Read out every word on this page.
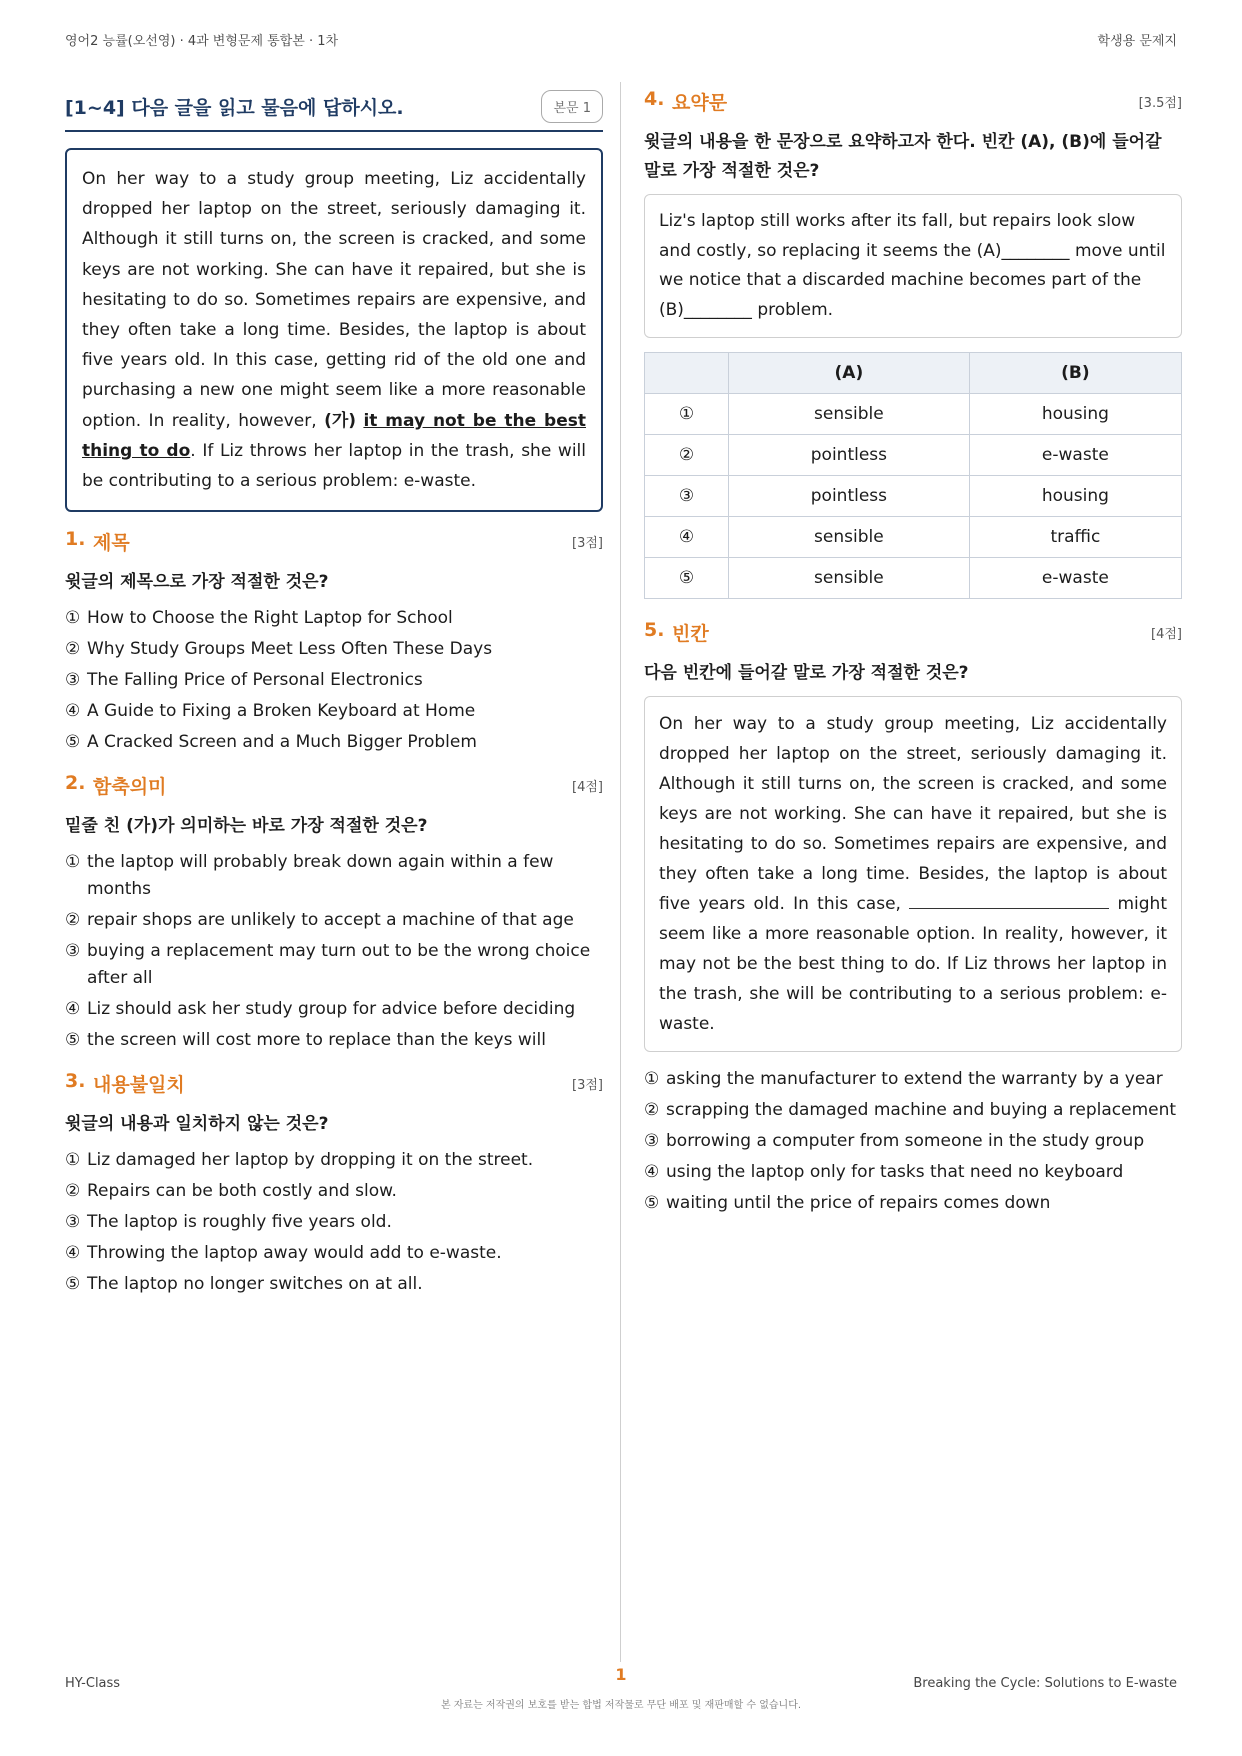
영어2 능률(오선영) · 4과 변형문제 통합본 · 1차	학생용 문제지
[1~4] 다음 글을 읽고 물음에 답하시오.	본문 1
On her way to a study group meeting, Liz accidentally dropped her laptop on the street, seriously damaging it. Although it still turns on, the screen is cracked, and some keys are not working. She can have it repaired, but she is hesitating to do so. Sometimes repairs are expensive, and they often take a long time. Besides, the laptop is about five years old. In this case, getting rid of the old one and purchasing a new one might seem like a more reasonable option. In reality, however, (가) it may not be the best thing to do. If Liz throws her laptop in the trash, she will be contributing to a serious problem: e-waste.
1. 제목	[3점]
윗글의 제목으로 가장 적절한 것은?
① How to Choose the Right Laptop for School
② Why Study Groups Meet Less Often These Days
③ The Falling Price of Personal Electronics
④ A Guide to Fixing a Broken Keyboard at Home
⑤ A Cracked Screen and a Much Bigger Problem
2. 함축의미	[4점]
밑줄 친 (가)가 의미하는 바로 가장 적절한 것은?
① the laptop will probably break down again within a few months
② repair shops are unlikely to accept a machine of that age
③ buying a replacement may turn out to be the wrong choice after all
④ Liz should ask her study group for advice before deciding
⑤ the screen will cost more to replace than the keys will
3. 내용불일치	[3점]
윗글의 내용과 일치하지 않는 것은?
① Liz damaged her laptop by dropping it on the street.
② Repairs can be both costly and slow.
③ The laptop is roughly five years old.
④ Throwing the laptop away would add to e-waste.
⑤ The laptop no longer switches on at all.
4. 요약문	[3.5점]
윗글의 내용을 한 문장으로 요약하고자 한다. 빈칸 (A), (B)에 들어갈 말로 가장 적절한 것은?
Liz's laptop still works after its fall, but repairs look slow and costly, so replacing it seems the (A)________ move until we notice that a discarded machine becomes part of the (B)________ problem.
	(A)	(B)
①	sensible	housing
②	pointless	e-waste
③	pointless	housing
④	sensible	traffic
⑤	sensible	e-waste
5. 빈칸	[4점]
다음 빈칸에 들어갈 말로 가장 적절한 것은?
On her way to a study group meeting, Liz accidentally dropped her laptop on the street, seriously damaging it. Although it still turns on, the screen is cracked, and some keys are not working. She can have it repaired, but she is hesitating to do so. Sometimes repairs are expensive, and they often take a long time. Besides, the laptop is about five years old. In this case,	might seem like a more reasonable option. In reality, however, it may not be the best thing to do. If Liz throws her laptop in the trash, she will be contributing to a serious problem: e-waste.
① asking the manufacturer to extend the warranty by a year
② scrapping the damaged machine and buying a replacement
③ borrowing a computer from someone in the study group
④ using the laptop only for tasks that need no keyboard
⑤ waiting until the price of repairs comes down
1
HY-Class	Breaking the Cycle: Solutions to E-waste
본 자료는 저작권의 보호를 받는 합법 저작물로 무단 배포 및 재판매할 수 없습니다.
